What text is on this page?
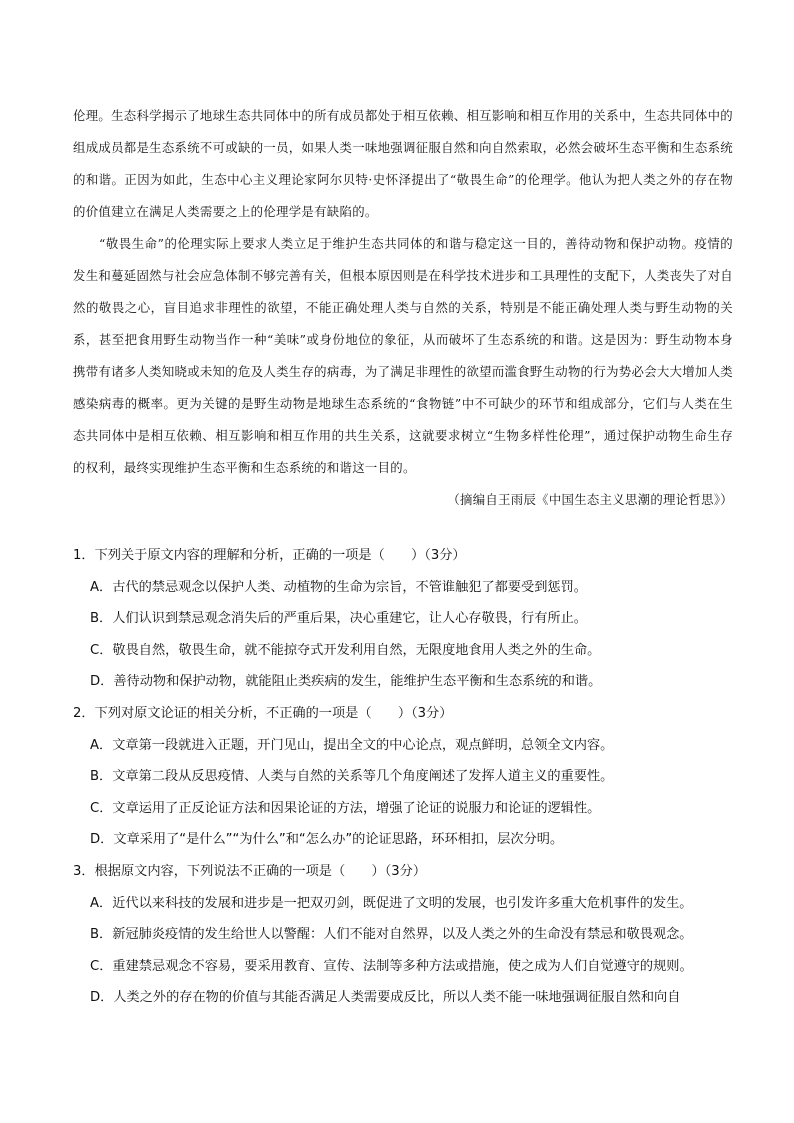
伦理。生态科学揭示了地球生态共同体中的所有成员都处于相互依赖、相互影响和相互作用的关系中，生态共同体中的组成成员都是生态系统不可或缺的一员，如果人类一味地强调征服自然和向自然索取，必然会破坏生态平衡和生态系统的和谐。正因为如此，生态中心主义理论家阿尔贝特·史怀泽提出了“敬畏生命”的伦理学。他认为把人类之外的存在物的价值建立在满足人类需要之上的伦理学是有缺陷的。

“敬畏生命”的伦理实际上要求人类立足于维护生态共同体的和谐与稳定这一目的，善待动物和保护动物。疫情的发生和蔓延固然与社会应急体制不够完善有关，但根本原因则是在科学技术进步和工具理性的支配下，人类丧失了对自然的敬畏之心，盲目追求非理性的欲望，不能正确处理人类与自然的关系，特别是不能正确处理人类与野生动物的关系，甚至把食用野生动物当作一种“美味”或身份地位的象征，从而破坏了生态系统的和谐。这是因为：野生动物本身携带有诸多人类知晓或未知的危及人类生存的病毒，为了满足非理性的欲望而滥食野生动物的行为势必会大大增加人类感染病毒的概率。更为关键的是野生动物是地球生态系统的“食物链”中不可缺少的环节和组成部分，它们与人类在生态共同体中是相互依赖、相互影响和相互作用的共生关系，这就要求树立“生物多样性伦理”，通过保护动物生命生存的权利，最终实现维护生态平衡和生态系统的和谐这一目的。

（摘编自王雨辰《中国生态主义思潮的理论哲思》）

1．下列关于原文内容的理解和分析，正确的一项是（　　）（3分）

A．古代的禁忌观念以保护人类、动植物的生命为宗旨，不管谁触犯了都要受到惩罚。

B．人们认识到禁忌观念消失后的严重后果，决心重建它，让人心存敬畏，行有所止。

C．敬畏自然，敬畏生命，就不能掠夺式开发利用自然，无限度地食用人类之外的生命。

D．善待动物和保护动物，就能阻止类疾病的发生，能维护生态平衡和生态系统的和谐。

2．下列对原文论证的相关分析，不正确的一项是（　　）（3分）

A．文章第一段就进入正题，开门见山，提出全文的中心论点，观点鲜明，总领全文内容。

B．文章第二段从反思疫情、人类与自然的关系等几个角度阐述了发挥人道主义的重要性。

C．文章运用了正反论证方法和因果论证的方法，增强了论证的说服力和论证的逻辑性。

D．文章采用了“是什么”“为什么”和“怎么办”的论证思路，环环相扣，层次分明。

3．根据原文内容，下列说法不正确的一项是（　　）（3分）

A．近代以来科技的发展和进步是一把双刃剑，既促进了文明的发展，也引发许多重大危机事件的发生。

B．新冠肺炎疫情的发生给世人以警醒：人们不能对自然界，以及人类之外的生命没有禁忌和敬畏观念。

C．重建禁忌观念不容易，要采用教育、宣传、法制等多种方法或措施，使之成为人们自觉遵守的规则。

D．人类之外的存在物的价值与其能否满足人类需要成反比，所以人类不能一味地强调征服自然和向自
